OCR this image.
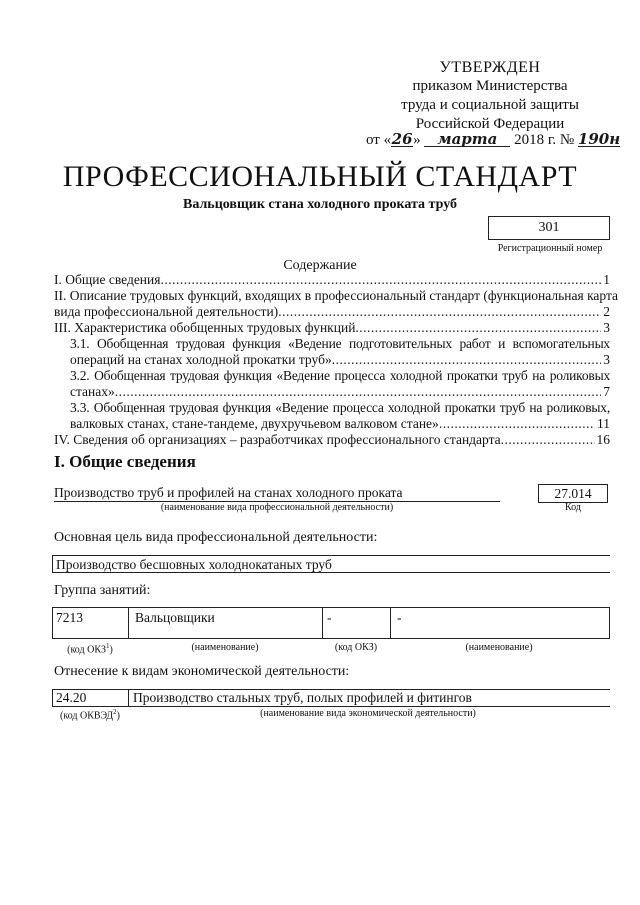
УТВЕРЖДЕН
приказом Министерства
труда и социальной защиты
Российской Федерации
от «26» марта 2018 г. № 190н
ПРОФЕССИОНАЛЬНЫЙ СТАНДАРТ
Вальцовщик стана холодного проката труб
301
Регистрационный номер
Содержание
I. Общие сведения .....	1
II. Описание трудовых функций, входящих в профессиональный стандарт (функциональная карта
вида профессиональной деятельности) .....	2
III. Характеристика обобщенных трудовых функций .....	3
3.1. Обобщенная трудовая функция «Ведение подготовительных работ и вспомогательных
операций на станах холодной прокатки труб» .....	3
3.2. Обобщенная трудовая функция «Ведение процесса холодной прокатки труб на роликовых
станах» .....	7
3.3. Обобщенная трудовая функция «Ведение процесса холодной прокатки труб на роликовых,
валковых станах, стане-тандеме, двухручьевом валковом стане» .....	11
IV. Сведения об организациях – разработчиках профессионального стандарта .....	16
I. Общие сведения
Производство труб и профилей на станах холодного проката
(наименование вида профессиональной деятельности)
27.014
Код
Основная цель вида профессиональной деятельности:
Производство бесшовных холоднокатаных труб
Группа занятий:
7213	Вальцовщики	-	-
(код ОКЗ$^1$)	(наименование)	(код ОКЗ)	(наименование)
Отнесение к видам экономической деятельности:
24.20	Производство стальных труб, полых профилей и фитингов
(код ОКВЭД$^2$)	(наименование вида экономической деятельности)
